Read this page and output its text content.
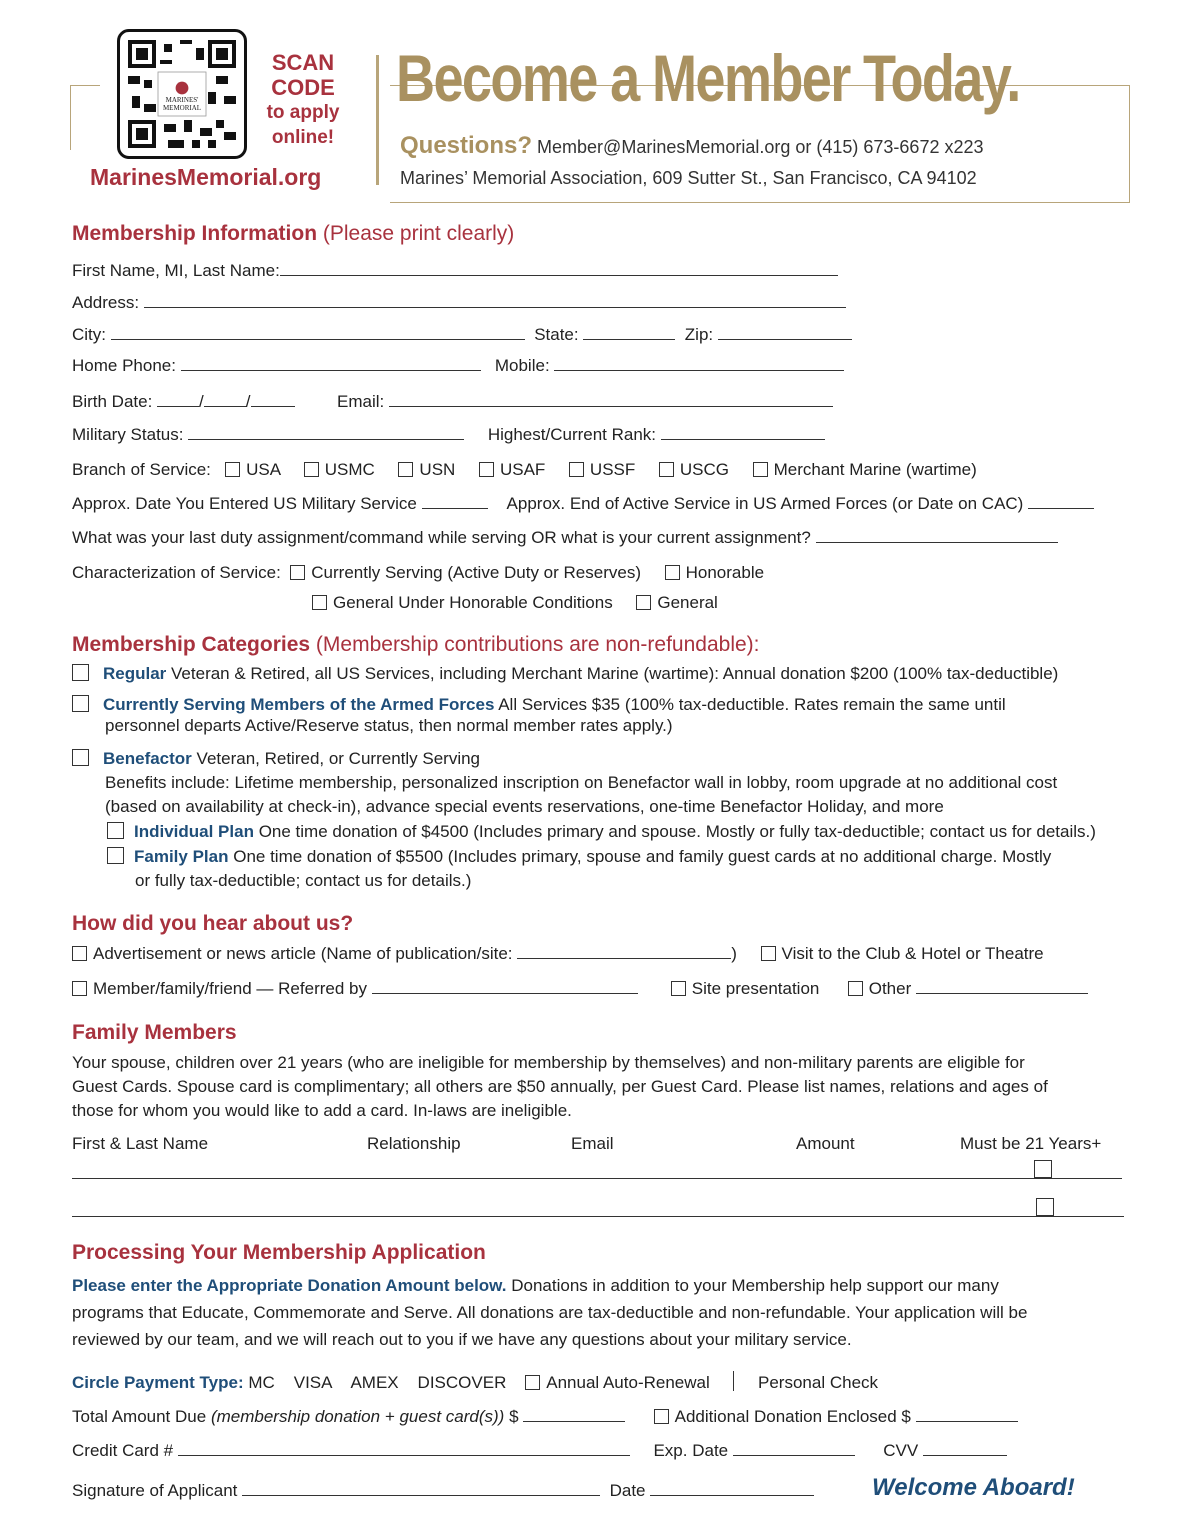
MARINES' MEMORIAL
SCAN
CODE
to apply
online!
MarinesMemorial.org
Become a Member Today.
Questions? Member@MarinesMemorial.org or (415) 673-6672 x223
Marines’ Memorial Association, 609 Sutter St., San Francisco, CA 94102
Membership Information (Please print clearly)
First Name, MI, Last Name:
Address:
City:	State:	Zip:
Home Phone:	Mobile:
Birth Date:	/ /	Email:
Military Status:	Highest/Current Rank:
Branch of Service: USA	USMC	USN	USAF	USSF	USCG	Merchant Marine (wartime)
Approx. Date You Entered US Military Service	Approx. End of Active Service in US Armed Forces (or Date on CAC)
What was your last duty assignment/command while serving OR what is your current assignment?
Characterization of Service: Currently Serving (Active Duty or Reserves)	Honorable
General Under Honorable Conditions	General
Membership Categories (Membership contributions are non-refundable):
Regular Veteran & Retired, all US Services, including Merchant Marine (wartime): Annual donation $200 (100% tax-deductible)
Currently Serving Members of the Armed Forces All Services $35 (100% tax-deductible. Rates remain the same until
personnel departs Active/Reserve status, then normal member rates apply.)
Benefactor Veteran, Retired, or Currently Serving
Benefits include: Lifetime membership, personalized inscription on Benefactor wall in lobby, room upgrade at no additional cost
(based on availability at check-in), advance special events reservations, one-time Benefactor Holiday, and more
Individual Plan One time donation of $4500 (Includes primary and spouse. Mostly or fully tax-deductible; contact us for details.)
Family Plan One time donation of $5500 (Includes primary, spouse and family guest cards at no additional charge. Mostly
or fully tax-deductible; contact us for details.)
How did you hear about us?
Advertisement or news article (Name of publication/site:	)	Visit to the Club & Hotel or Theatre
Member/family/friend — Referred by	Site presentation	Other
Family Members
Your spouse, children over 21 years (who are ineligible for membership by themselves) and non-military parents are eligible for
Guest Cards. Spouse card is complimentary; all others are $50 annually, per Guest Card. Please list names, relations and ages of
those for whom you would like to add a card. In-laws are ineligible.
First & Last Name	Relationship	Email	Amount	Must be 21 Years+
Processing Your Membership Application
Please enter the Appropriate Donation Amount below. Donations in addition to your Membership help support our many
programs that Educate, Commemorate and Serve. All donations are tax-deductible and non-refundable. Your application will be
reviewed by our team, and we will reach out to you if we have any questions about your military service.
Circle Payment Type: MC VISA AMEX DISCOVER Annual Auto-Renewal	Personal Check
Total Amount Due (membership donation + guest card(s)) $	Additional Donation Enclosed $
Credit Card #	Exp. Date	CVV
Signature of Applicant	Date	Welcome Aboard!
